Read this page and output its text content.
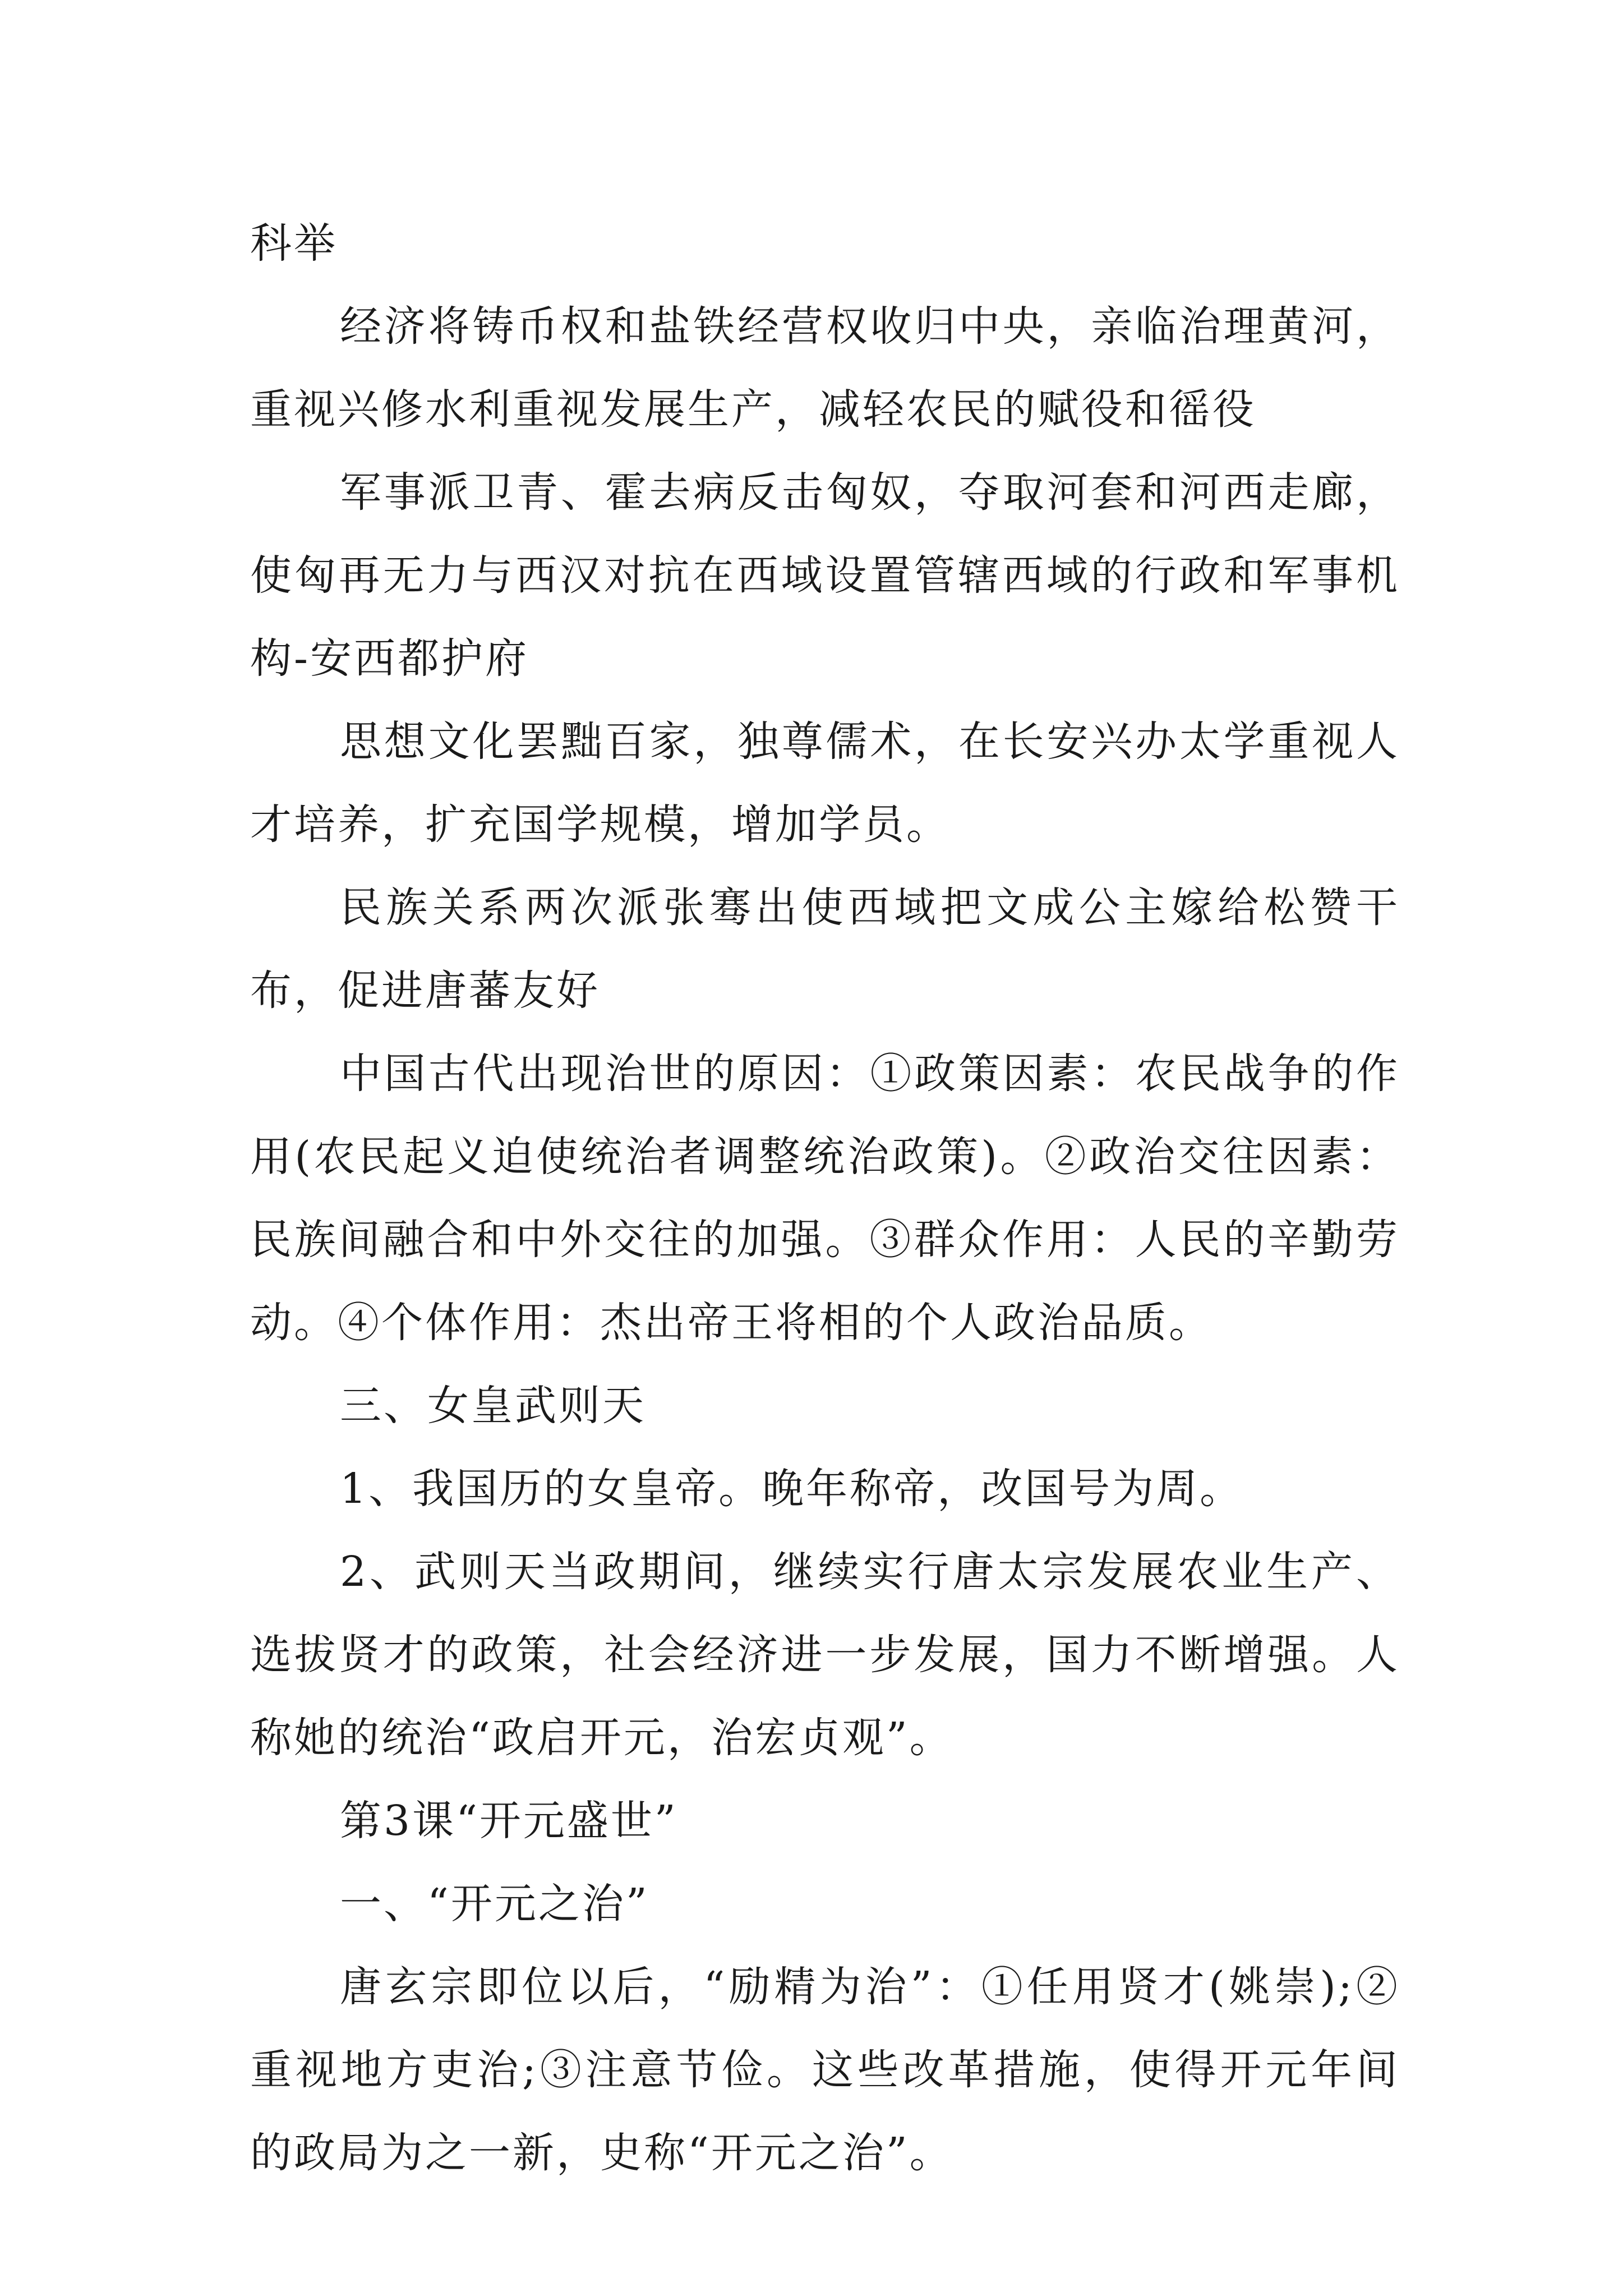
科举

经济将铸币权和盐铁经营权收归中央，亲临治理黄河，重视兴修水利重视发展生产，减轻农民的赋役和徭役

军事派卫青、霍去病反击匈奴，夺取河套和河西走廊，使匈再无力与西汉对抗在西域设置管辖西域的行政和军事机构-安西都护府

思想文化罢黜百家，独尊儒术，在长安兴办太学重视人才培养，扩充国学规模，增加学员。

民族关系两次派张骞出使西域把文成公主嫁给松赞干布，促进唐蕃友好

中国古代出现治世的原因：①政策因素：农民战争的作用(农民起义迫使统治者调整统治政策)。②政治交往因素：民族间融合和中外交往的加强。③群众作用：人民的辛勤劳动。④个体作用：杰出帝王将相的个人政治品质。

三、女皇武则天

1、我国历的女皇帝。晚年称帝，改国号为周。

2、武则天当政期间，继续实行唐太宗发展农业生产、选拔贤才的政策，社会经济进一步发展，国力不断增强。人称她的统治“政启开元，治宏贞观”。

第3课“开元盛世”

一、“开元之治”

唐玄宗即位以后，“励精为治”：①任用贤才(姚崇);②重视地方吏治;③注意节俭。这些改革措施，使得开元年间的政局为之一新，史称“开元之治”。
